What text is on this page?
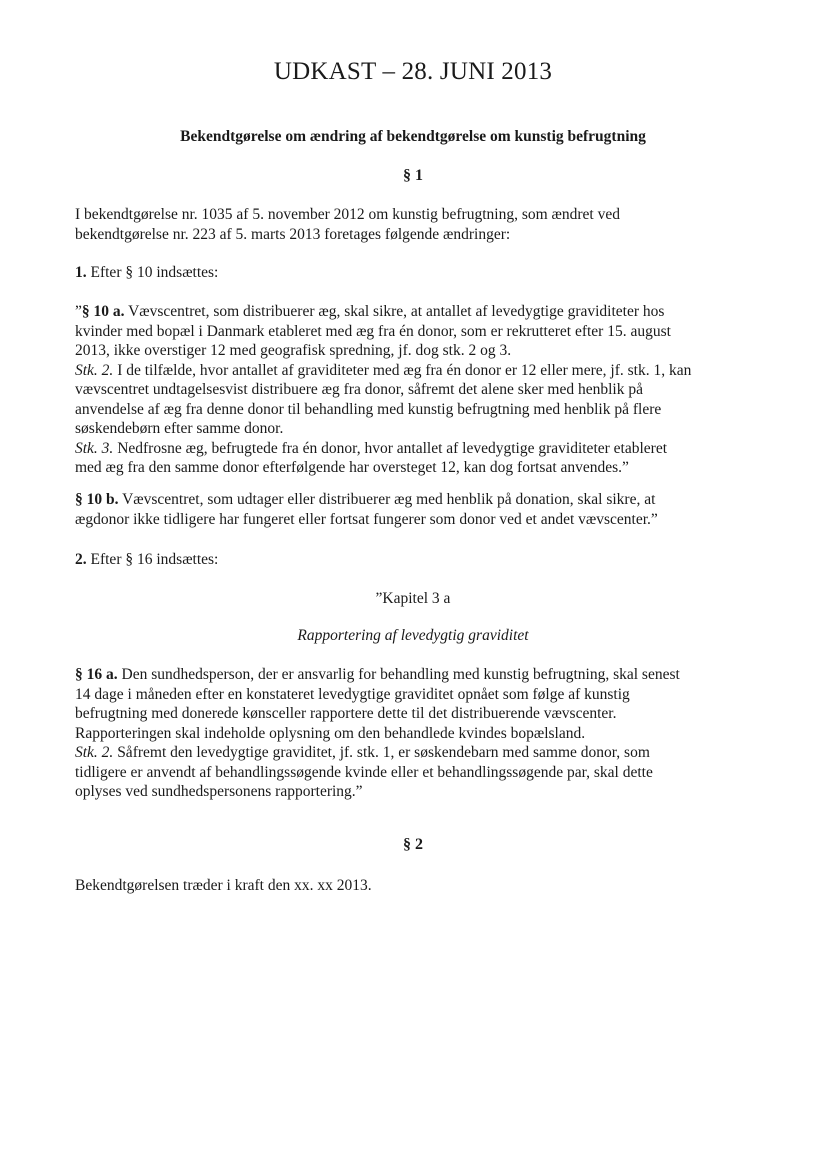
UDKAST – 28. JUNI 2013
Bekendtgørelse om ændring af bekendtgørelse om kunstig befrugtning
§ 1
I bekendtgørelse nr. 1035 af 5. november 2012 om kunstig befrugtning, som ændret ved
bekendtgørelse nr. 223 af 5. marts 2013 foretages følgende ændringer:
1. Efter § 10 indsættes:
”§ 10 a. Vævscentret, som distribuerer æg, skal sikre, at antallet af levedygtige graviditeter hos
kvinder med bopæl i Danmark etableret med æg fra én donor, som er rekrutteret efter 15. august
2013, ikke overstiger 12 med geografisk spredning, jf. dog stk. 2 og 3.
Stk. 2. I de tilfælde, hvor antallet af graviditeter med æg fra én donor er 12 eller mere, jf. stk. 1, kan
vævscentret undtagelsesvist distribuere æg fra donor, såfremt det alene sker med henblik på
anvendelse af æg fra denne donor til behandling med kunstig befrugtning med henblik på flere
søskendebørn efter samme donor.
Stk. 3. Nedfrosne æg, befrugtede fra én donor, hvor antallet af levedygtige graviditeter etableret
med æg fra den samme donor efterfølgende har oversteget 12, kan dog fortsat anvendes.”
§ 10 b. Vævscentret, som udtager eller distribuerer æg med henblik på donation, skal sikre, at
ægdonor ikke tidligere har fungeret eller fortsat fungerer som donor ved et andet vævscenter.”
2. Efter § 16 indsættes:
”Kapitel 3 a
Rapportering af levedygtig graviditet
§ 16 a. Den sundhedsperson, der er ansvarlig for behandling med kunstig befrugtning, skal senest
14 dage i måneden efter en konstateret levedygtige graviditet opnået som følge af kunstig
befrugtning med donerede kønsceller rapportere dette til det distribuerende vævscenter.
Rapporteringen skal indeholde oplysning om den behandlede kvindes bopælsland.
Stk. 2. Såfremt den levedygtige graviditet, jf. stk. 1, er søskendebarn med samme donor, som
tidligere er anvendt af behandlingssøgende kvinde eller et behandlingssøgende par, skal dette
oplyses ved sundhedspersonens rapportering.”
§ 2
Bekendtgørelsen træder i kraft den xx. xx 2013.
